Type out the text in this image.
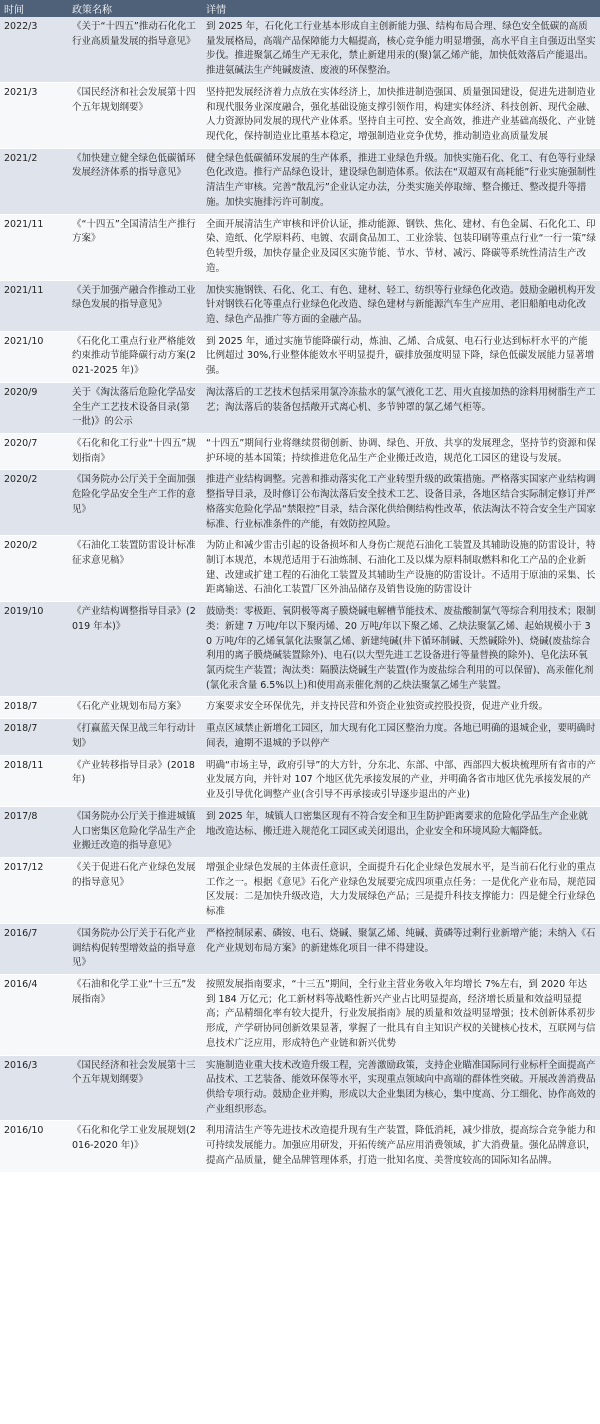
时间	政策名称	详情
2022/3	《关于“十四五”推动石化化工行业高质量发展的指导意见》	到 2025 年，石化化工行业基本形成自主创新能力强、结构布局合理、绿色安全低碳的高质量发展格局，高端产品保障能力大幅提高，核心竞争能力明显增强，高水平自主自强迈出坚实步伐。推进聚氯乙烯生产无汞化，禁止新建用汞的(聚)氯乙烯产能，加快低效落后产能退出。推进氨碱法生产纯碱废渣、废液的环保整治。
2021/3	《国民经济和社会发展第十四个五年规划纲要》	坚持把发展经济着力点放在实体经济上，加快推进制造强国、质量强国建设，促进先进制造业和现代服务业深度融合，强化基础设施支撑引领作用，构建实体经济、科技创新、现代金融、人力资源协同发展的现代产业体系。坚持自主可控、安全高效，推进产业基础高级化、产业链现代化，保持制造业比重基本稳定，增强制造业竞争优势，推动制造业高质量发展
2021/2	《加快建立健全绿色低碳循环发展经济体系的指导意见》	健全绿色低碳循环发展的生产体系，推进工业绿色升级。加快实施石化、化工、有色等行业绿色化改造。推行产品绿色设计，建设绿色制造体系。依法在“双超双有高耗能”行业实施强制性清洁生产审核。完善“散乱污”企业认定办法，分类实施关停取缔、整合搬迁、整改提升等措施。加快实施排污许可制度。
2021/11	《“十四五”全国清洁生产推行方案》	全面开展清洁生产审核和评价认证，推动能源、钢铁、焦化、建材、有色金属、石化化工、印染、造纸、化学原料药、电镀、农副食品加工、工业涂装、包装印刷等重点行业“一行一策”绿色转型升级，加快存量企业及园区实施节能、节水、节材、减污、降碳等系统性清洁生产改造。
2021/11	《关于加强产融合作推动工业绿色发展的指导意见》	加快实施钢铁、石化、化工、有色、建材、轻工、纺织等行业绿色化改造。鼓励金融机构开发针对钢铁石化等重点行业绿色化改造、绿色建材与新能源汽车生产应用、老旧船舶电动化改造、绿色产品推广等方面的金融产品。
2021/10	《石化化工重点行业严格能效约束推动节能降碳行动方案(2021-2025 年)》	到 2025 年，通过实施节能降碳行动，炼油、乙烯、合成氨、电石行业达到标杆水平的产能比例超过 30%,行业整体能效水平明显提升，碳排放强度明显下降，绿色低碳发展能力显著增强。
2020/9	关于《淘汰落后危险化学品安全生产工艺技术设备目录(第一批)》的公示	淘汰落后的工艺技术包括采用氯冷冻盐水的氯气液化工艺、用火直接加热的涂料用树脂生产工艺；淘汰落后的装备包括敞开式离心机、多节钟罩的氯乙烯气柜等。
2020/7	《石化和化工行业“十四五”规划指南》	“十四五”期间行业将继续贯彻创新、协调、绿色、开放、共享的发展理念，坚持节约资源和保护环境的基本国策；持续推进危化品生产企业搬迁改造，规范化工园区的建设与发展。
2020/2	《国务院办公厅关于全面加强危险化学品安全生产工作的意见》	推进产业结构调整。完善和推动落实化工产业转型升级的政策措施。严格落实国家产业结构调整指导目录，及时修订公布淘汰落后安全技术工艺、设备目录，各地区结合实际制定修订并严格落实危险化学品“禁限控”目录，结合深化供给侧结构性改革，依法淘汰不符合安全生产国家标准、行业标准条件的产能，有效防控风险。
2020/2	《石油化工装置防雷设计标准征求意见稿》	为防止和减少雷击引起的设备损坏和人身伤亡规范石油化工装置及其辅助设施的防雷设计，特制订本规范，本规范适用于石油炼制、石油化工及以煤为原料制取燃料和化工产品的企业新建、改建或扩建工程的石油化工装置及其辅助生产设施的防雷设计。不适用于原油的采集、长距离输送、石油化工装置厂区外油品储存及销售设施的防雷设计
2019/10	《产业结构调整指导目录》(2019 年本)》	鼓励类：零极距、氧阴极等离子膜烧碱电解槽节能技术、废盐酸制氯气等综合利用技术；限制类：新建 7 万吨/年以下聚丙烯、20 万吨/年以下聚乙烯、乙炔法聚氯乙烯、起始规模小于 30 万吨/年的乙烯氧氯化法聚氯乙烯、新建纯碱(井下循环制碱、天然碱除外)、烧碱(废盐综合利用的离子膜烧碱装置除外)、电石(以大型先进工艺设备进行等量替换的除外)、皂化法环氧氯丙烷生产装置；淘汰类：隔膜法烧碱生产装置(作为废盐综合利用的可以保留)、高汞催化剂(氯化汞含量 6.5%以上)和使用高汞催化剂的乙炔法聚氯乙烯生产装置。
2018/7	《石化产业规划布局方案》	方案要求安全环保优先，并支持民营和外资企业独资或控股投资，促进产业升级。
2018/7	《打赢蓝天保卫战三年行动计划》	重点区域禁止新增化工园区，加大现有化工园区整治力度。各地已明确的退城企业，要明确时间表，逾期不退城的予以停产
2018/11	《产业转移指导目录》(2018 年)	明确“市场主导，政府引导”的大方针，分东北、东部、中部、西部四大板块梳理所有省市的产业发展方向，并针对 107 个地区优先承接发展的产业，并明确各省市地区优先承接发展的产业及引导优化调整产业(含引导不再承接或引导逐步退出的产业)
2017/8	《国务院办公厅关于推进城镇人口密集区危险化学品生产企业搬迁改造的指导意见》	到 2025 年，城镇人口密集区现有不符合安全和卫生防护距离要求的危险化学品生产企业就地改造达标、搬迁进入规范化工园区或关闭退出，企业安全和环境风险大幅降低。
2017/12	《关于促进石化产业绿色发展的指导意见》	增强企业绿色发展的主体责任意识，全面提升石化企业绿色发展水平，是当前石化行业的重点工作之一。根据《意见》石化产业绿色发展要完成四项重点任务：一是优化产业布局，规范园区发展：二是加快升级改造，大力发展绿色产品；三是提升科技支撑能力：四是健全行业绿色标准
2016/7	《国务院办公厅关于石化产业调结构促转型增效益的指导意见》	严格控制尿素、磷铵、电石、烧碱、聚氯乙烯、纯碱、黄磷等过剩行业新增产能；未纳入《石化产业规划布局方案》的新建炼化项目一律不得建设。
2016/4	《石油和化学工业“十三五”发展指南》	按照发展指南要求，“十三五”期间，全行业主营业务收入年均增长 7%左右，到 2020 年达到 184 万亿元；化工新材料等战略性新兴产业占比明显提高，经济增长质量和效益明显提高；产品精细化率有较大提升，行业发展指南》展的质量和效益明显增强；技术创新体系初步形成，产学研协同创新效果显著，掌握了一批具有自主知识产权的关键核心技术，互联网与信息技术广泛应用，形成特色产业链和新兴优势
2016/3	《国民经济和社会发展第十三个五年规划纲要》	实施制造业重大技术改造升级工程，完善激励政策，支持企业瞄准国际同行业标杆全面提高产品技术、工艺装备、能效环保等水平，实现重点领域向中高端的群体性突破。开展改善消费品供给专项行动。鼓励企业并购，形成以大企业集团为核心，集中度高、分工细化、协作高效的产业组织形态。
2016/10	《石化和化学工业发展规划(2016-2020 年)》	利用清洁生产等先进技术改造提升现有生产装置，降低消耗，减少排放，提高综合竞争能力和可持续发展能力。加强应用研发，开拓传统产品应用消费领域，扩大消费量。强化品牌意识，提高产品质量，健全品牌管理体系，打造一批知名度、美誉度较高的国际知名品牌。
